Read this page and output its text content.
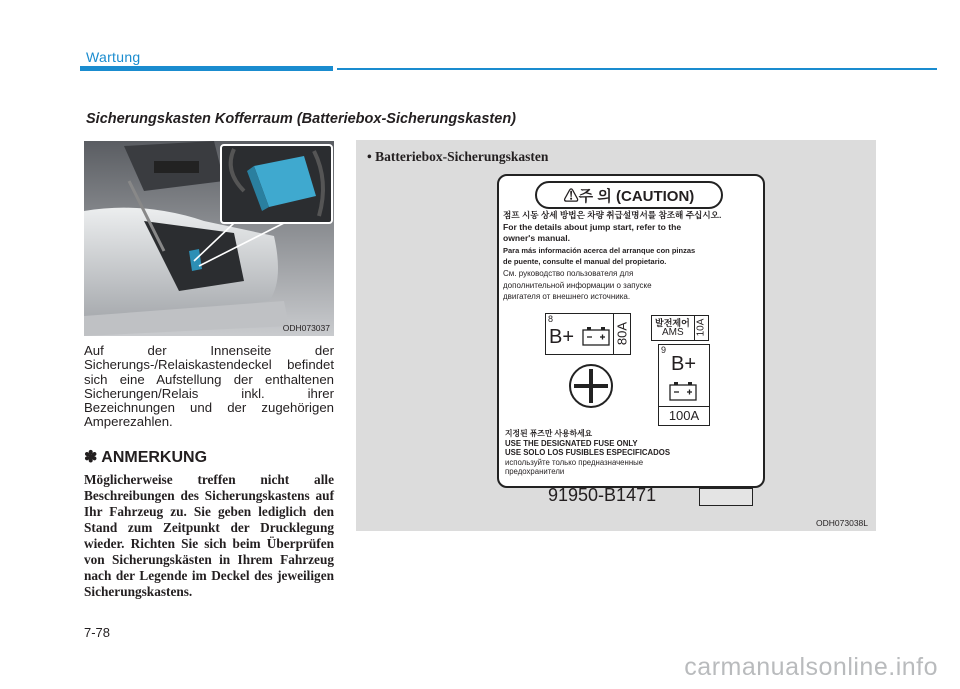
Wartung
Sicherungskasten Kofferraum (Batteriebox-Sicherungskasten)
ODH073037
Auf der Innenseite der Sicherungs-/Relaiskastendeckel befindet sich eine Aufstellung der enthaltenen Sicherungen/Relais inkl. ihrer Bezeichnungen und der zugehörigen Amperezahlen.
✽ ANMERKUNG
Möglicherweise treffen nicht alle Beschreibungen des Sicherungskastens auf Ihr Fahrzeug zu. Sie geben lediglich den Stand zum Zeitpunkt der Drucklegung wieder. Richten Sie sich beim Überprüfen von Sicherungskästen in Ihrem Fahrzeug nach der Legende im Deckel des jeweiligen Sicherungskastens.
ODH073038L
• Batteriebox-Sicherungskasten
⚠주 의 (CAUTION)
점프 시동 상세 방법은 차량 취급설명서를 참조해 주십시오.
For the details about jump start, refer to the
owner's manual.
Para más información acerca del arranque con pinzas
de puente, consulte el manual del propietario.
См. руководство пользователя для
дополнительной информации о запуске
двигателя от внешнего источника.
8
B+	80A	발전제어
AMS 10A
9
B+
100A
지정된 퓨즈만 사용하세요
USE THE DESIGNATED FUSE ONLY
USE SOLO LOS FUSIBLES ESPECIFICADOS
используйте только предназначенные
предохранители
91950-B1471
7-78
carmanualsonline.info
